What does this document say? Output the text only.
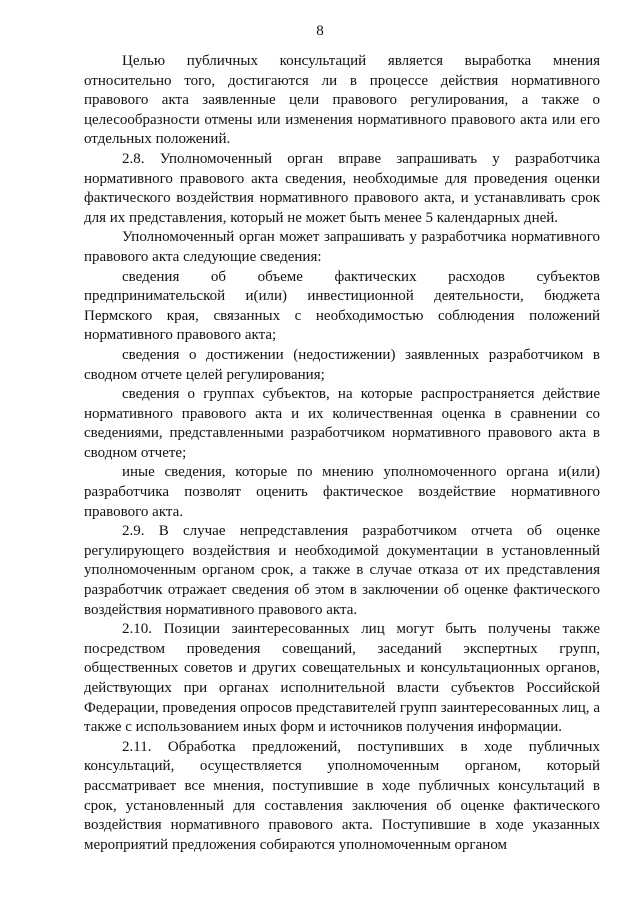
8

Целью публичных консультаций является выработка мнения относительно того, достигаются ли в процессе действия нормативного правового акта заявленные цели правового регулирования, а также о целесообразности отмены или изменения нормативного правового акта или его отдельных положений.

2.8. Уполномоченный орган вправе запрашивать у разработчика нормативного правового акта сведения, необходимые для проведения оценки фактического воздействия нормативного правового акта, и устанавливать срок для их представления, который не может быть менее 5 календарных дней.

Уполномоченный орган может запрашивать у разработчика нормативного правового акта следующие сведения:

сведения об объеме фактических расходов субъектов предпринимательской и(или) инвестиционной деятельности, бюджета Пермского края, связанных с необходимостью соблюдения положений нормативного правового акта;

сведения о достижении (недостижении) заявленных разработчиком в сводном отчете целей регулирования;

сведения о группах субъектов, на которые распространяется действие нормативного правового акта и их количественная оценка в сравнении со сведениями, представленными разработчиком нормативного правового акта в сводном отчете;

иные сведения, которые по мнению уполномоченного органа и(или) разработчика позволят оценить фактическое воздействие нормативного правового акта.

2.9. В случае непредставления разработчиком отчета об оценке регулирующего воздействия и необходимой документации в установленный уполномоченным органом срок, а также в случае отказа от их представления разработчик отражает сведения об этом в заключении об оценке фактического воздействия нормативного правового акта.

2.10. Позиции заинтересованных лиц могут быть получены также посредством проведения совещаний, заседаний экспертных групп, общественных советов и других совещательных и консультационных органов, действующих при органах исполнительной власти субъектов Российской Федерации, проведения опросов представителей групп заинтересованных лиц, а также с использованием иных форм и источников получения информации.

2.11. Обработка предложений, поступивших в ходе публичных консультаций, осуществляется уполномоченным органом, который рассматривает все мнения, поступившие в ходе публичных консультаций в срок, установленный для составления заключения об оценке фактического воздействия нормативного правового акта. Поступившие в ходе указанных мероприятий предложения собираются уполномоченным органом
